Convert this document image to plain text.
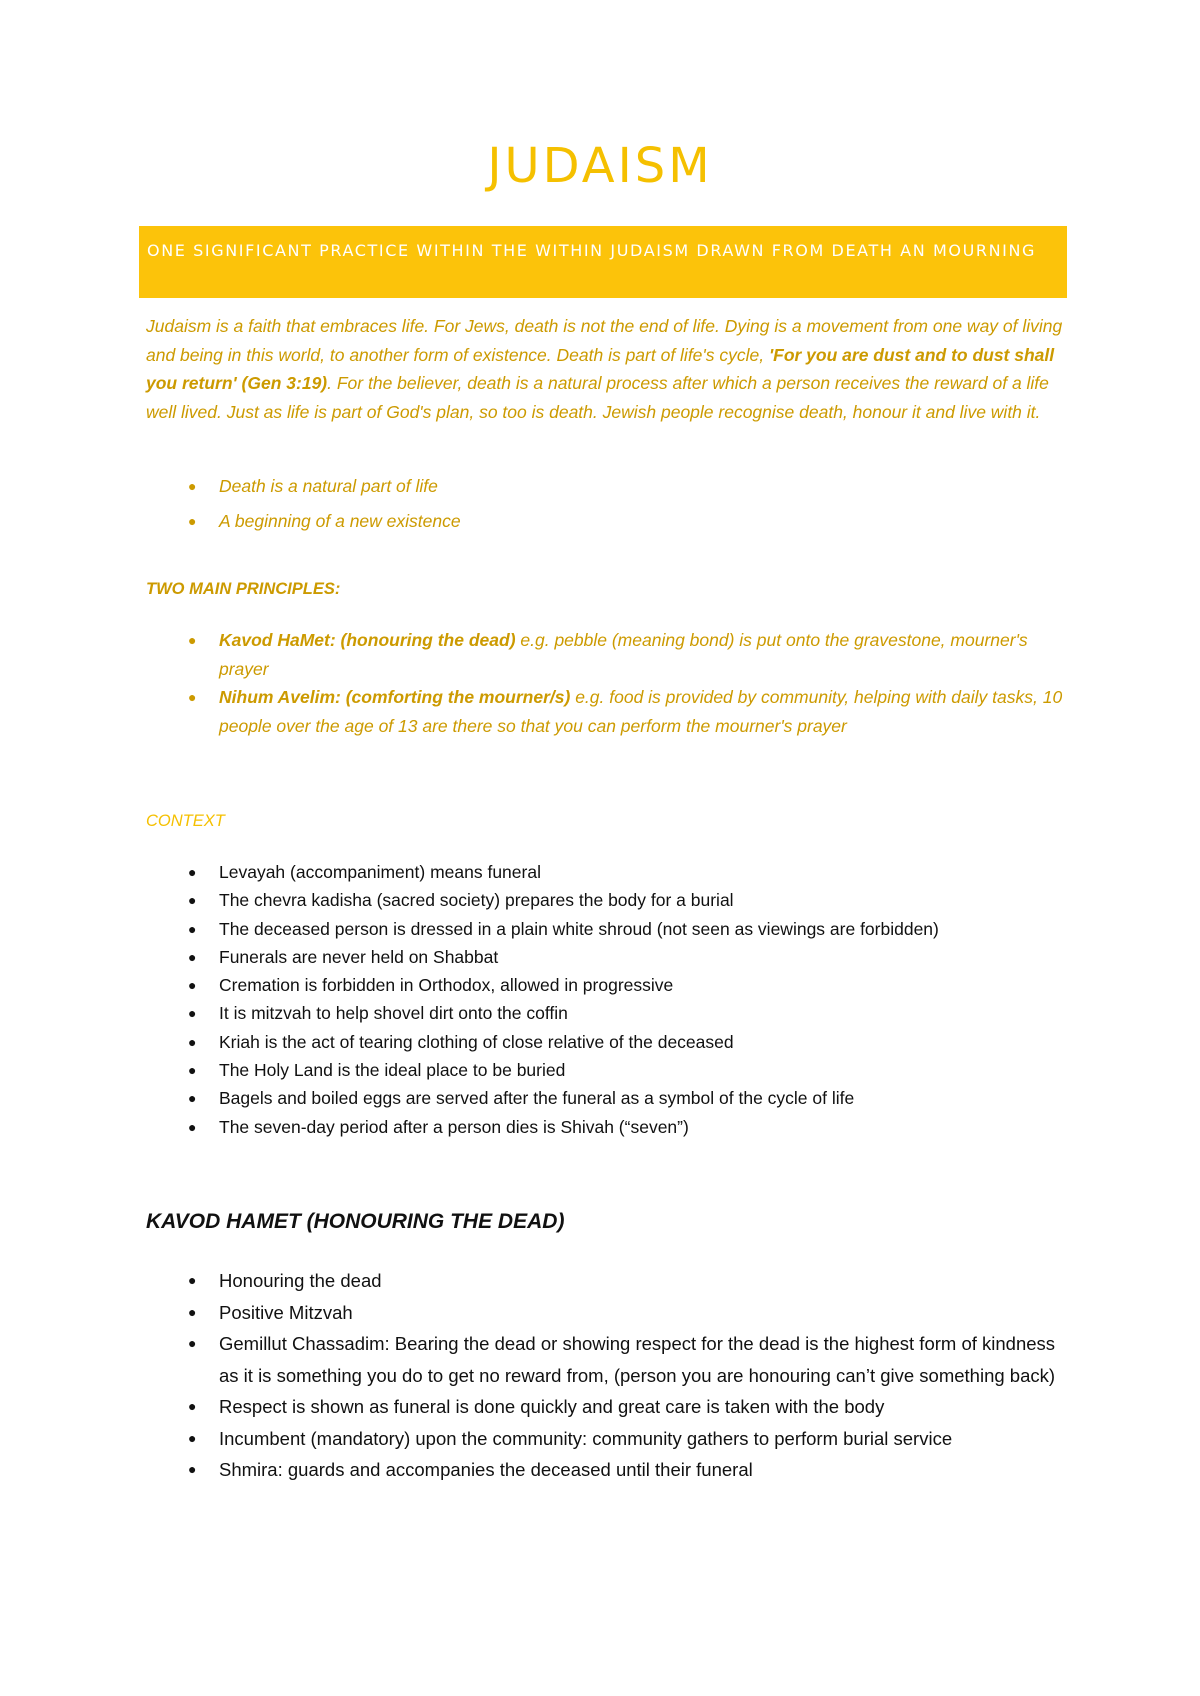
JUDAISM
ONE SIGNIFICANT PRACTICE WITHIN THE WITHIN JUDAISM DRAWN FROM DEATH AN MOURNING
Judaism is a faith that embraces life. For Jews, death is not the end of life. Dying is a movement from one way of living and being in this world, to another form of existence. Death is part of life's cycle, 'For you are dust and to dust shall you return' (Gen 3:19). For the believer, death is a natural process after which a person receives the reward of a life well lived. Just as life is part of God's plan, so too is death. Jewish people recognise death, honour it and live with it.
● Death is a natural part of life
● A beginning of a new existence
TWO MAIN PRINCIPLES:
● Kavod HaMet: (honouring the dead) e.g. pebble (meaning bond) is put onto the gravestone, mourner's prayer
● Nihum Avelim: (comforting the mourner/s) e.g. food is provided by community, helping with daily tasks, 10 people over the age of 13 are there so that you can perform the mourner's prayer
CONTEXT
● Levayah (accompaniment) means funeral
● The chevra kadisha (sacred society) prepares the body for a burial
● The deceased person is dressed in a plain white shroud (not seen as viewings are forbidden)
● Funerals are never held on Shabbat
● Cremation is forbidden in Orthodox, allowed in progressive
● It is mitzvah to help shovel dirt onto the coffin
● Kriah is the act of tearing clothing of close relative of the deceased
● The Holy Land is the ideal place to be buried
● Bagels and boiled eggs are served after the funeral as a symbol of the cycle of life
● The seven-day period after a person dies is Shivah (“seven”)
KAVOD HAMET (HONOURING THE DEAD)
● Honouring the dead
● Positive Mitzvah
● Gemillut Chassadim: Bearing the dead or showing respect for the dead is the highest form of kindness as it is something you do to get no reward from, (person you are honouring can’t give something back)
● Respect is shown as funeral is done quickly and great care is taken with the body
● Incumbent (mandatory) upon the community: community gathers to perform burial service
● Shmira: guards and accompanies the deceased until their funeral
